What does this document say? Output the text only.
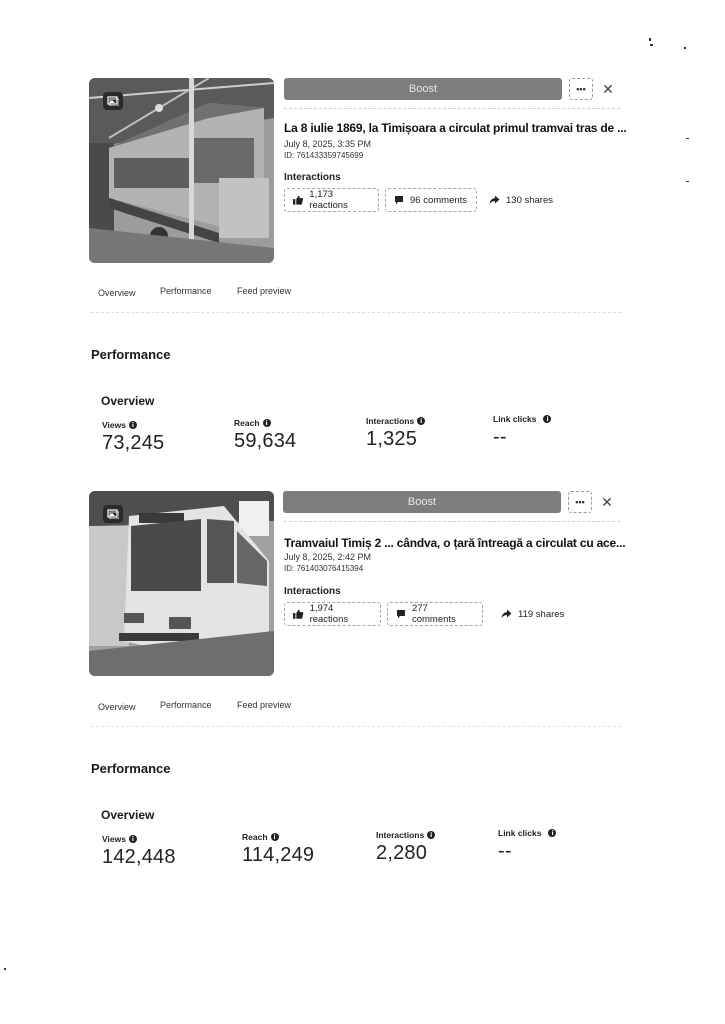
Boost	•••	✕
La 8 iulie 1869, la Timișoara a circulat primul tramvai tras de ...
July 8, 2025, 3:35 PM
ID: 761433359745699
Interactions
1,173 reactions	96 comments	130 shares
Overview	Performance	Feed preview
Performance
Overview
Views i
73,245
Reach i
59,634
Interactions i
1,325
Link clicks	i
--
Boost	•••	✕
Tramvaiul Timiș 2 ... cândva, o țară întreagă a circulat cu ace...
July 8, 2025, 2:42 PM
ID: 761403076415394
Interactions
1,974 reactions
277 comments	119 shares
Overview	Performance	Feed preview
Performance
Overview
Views i
142,448
Reach i
114,249
Interactions i
2,280
Link clicks	i
--
